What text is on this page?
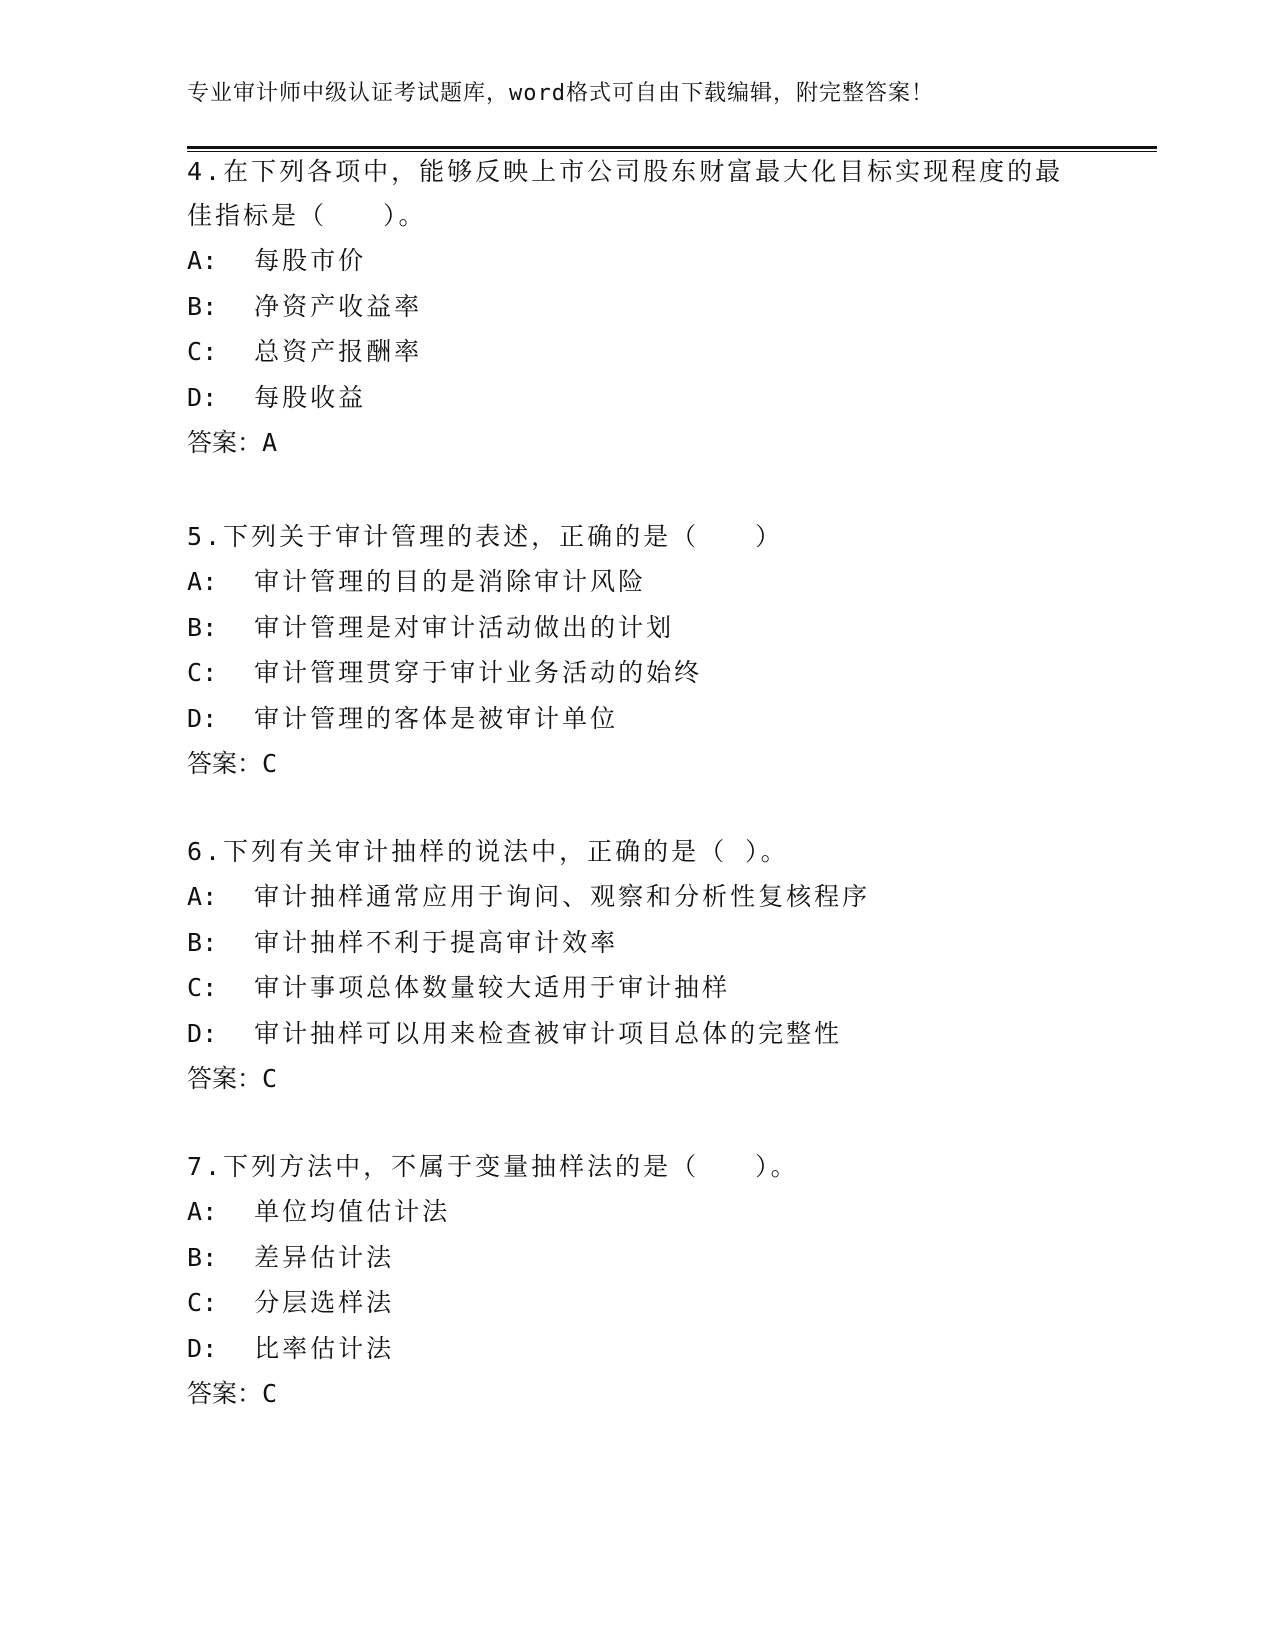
专业审计师中级认证考试题库，word格式可自由下载编辑，附完整答案！

4.在下列各项中，能够反映上市公司股东财富最大化目标实现程度的最佳指标是（　　）。

A: 每股市价

B: 净资产收益率

C: 总资产报酬率

D: 每股收益

答案：A

5.下列关于审计管理的表述，正确的是（　　）

A: 审计管理的目的是消除审计风险

B: 审计管理是对审计活动做出的计划

C: 审计管理贯穿于审计业务活动的始终

D: 审计管理的客体是被审计单位

答案：C

6.下列有关审计抽样的说法中，正确的是（ ）。

A: 审计抽样通常应用于询问、观察和分析性复核程序

B: 审计抽样不利于提高审计效率

C: 审计事项总体数量较大适用于审计抽样

D: 审计抽样可以用来检查被审计项目总体的完整性

答案：C

7.下列方法中，不属于变量抽样法的是（　　）。

A: 单位均值估计法

B: 差异估计法

C: 分层选样法

D: 比率估计法

答案：C
